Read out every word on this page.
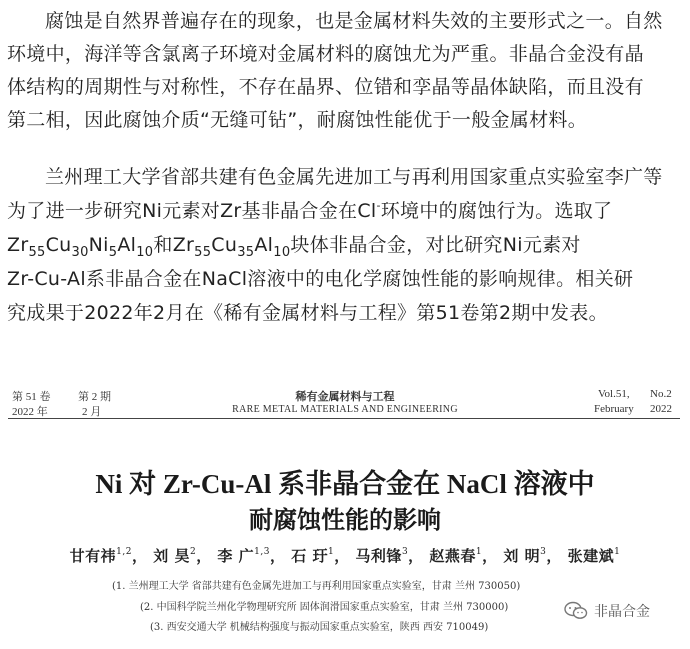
腐蚀是自然界普遍存在的现象，也是金属材料失效的主要形式之一。自然
环境中，海洋等含氯离子环境对金属材料的腐蚀尤为严重。非晶合金没有晶
体结构的周期性与对称性，不存在晶界、位错和孪晶等晶体缺陷，而且没有
第二相，因此腐蚀介质“无缝可钻”，耐腐蚀性能优于一般金属材料。
兰州理工大学省部共建有色金属先进加工与再利用国家重点实验室李广等
为了进一步研究Ni元素对Zr基非晶合金在Cl-环境中的腐蚀行为。选取了
$Zr_{55}Cu_{30}Ni_5Al_{10}$和$Zr_{55}Cu_{35}Al_{10}$块体非晶合金，对比研究Ni元素对
Zr-Cu-Al系非晶合金在NaCl溶液中的电化学腐蚀性能的影响规律。相关研
究成果于2022年2月在《稀有金属材料与工程》第51卷第2期中发表。
第 51 卷
2022 年
第 2 期
2 月
稀有金属材料与工程
RARE METAL MATERIALS AND ENGINEERING
Vol.51, No.2
February 2022
Ni 对 Zr-Cu-Al 系非晶合金在 NaCl 溶液中
耐腐蚀性能的影响
甘有祎$^{1,2}$， 刘 昊$^2$， 李 广$^{1,3}$， 石 玗$^1$， 马利锋$^3$， 赵燕春$^1$， 刘 明$^3$， 张建斌$^1$
(1. 兰州理工大学 省部共建有色金属先进加工与再利用国家重点实验室，甘肃 兰州 730050)
(2. 中国科学院兰州化学物理研究所 固体润滑国家重点实验室，甘肃 兰州 730000)
(3. 西安交通大学 机械结构强度与振动国家重点实验室，陕西 西安 710049)
非晶合金
